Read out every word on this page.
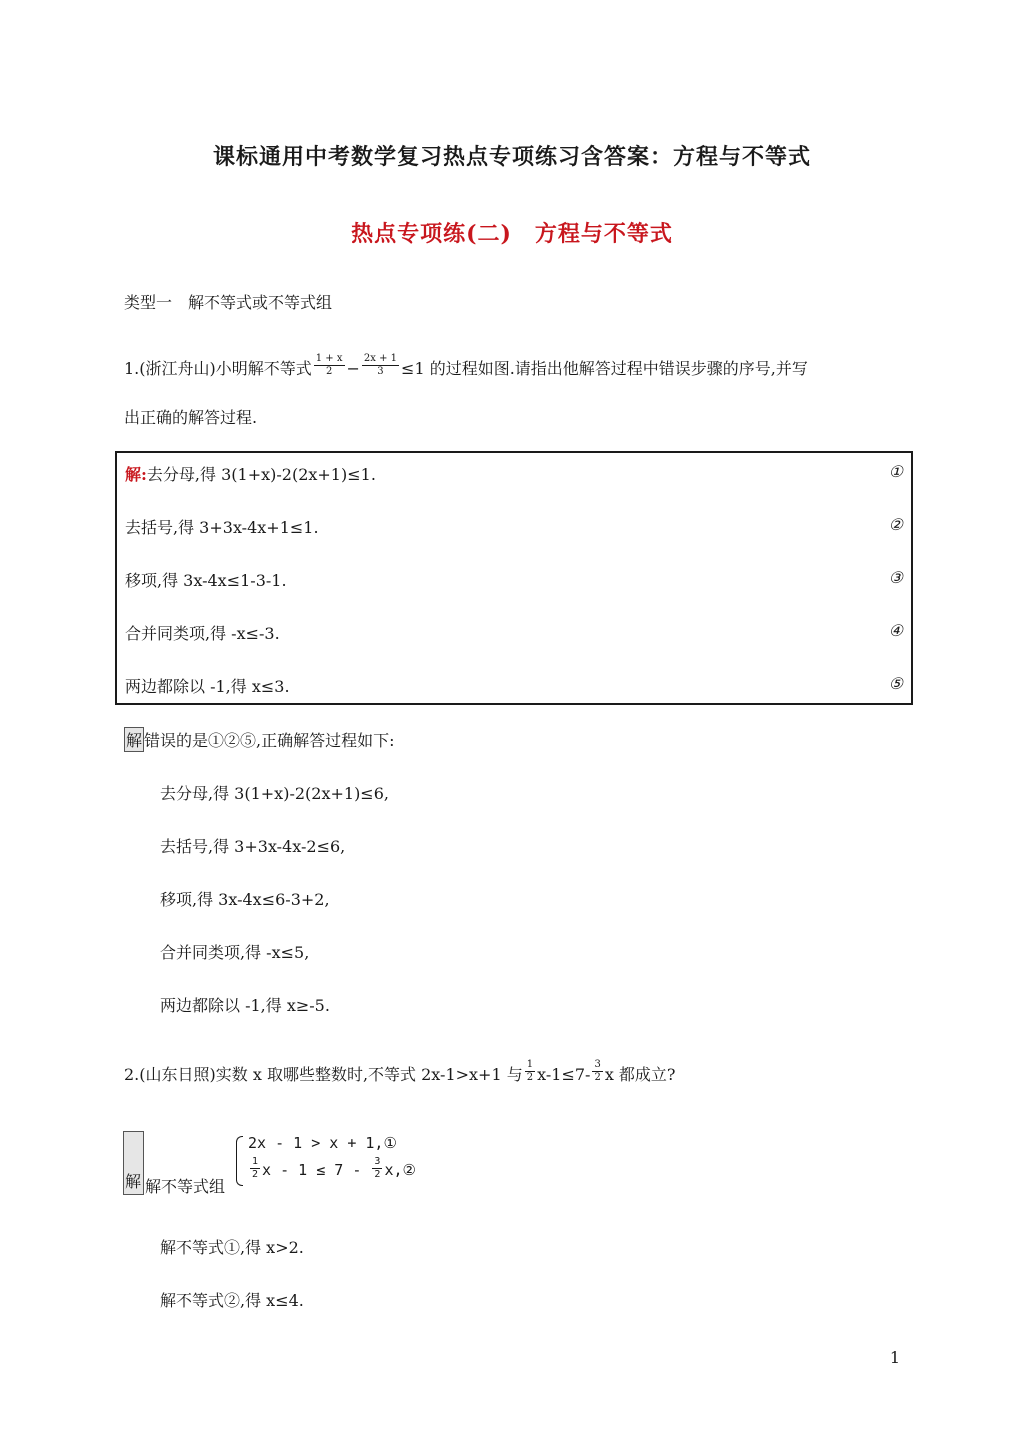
课标通用中考数学复习热点专项练习含答案：方程与不等式
热点专项练(二)　方程与不等式
类型一　解不等式或不等式组
1.(浙江舟山)小明解不等式 $\frac{1 + x}{2} - \frac{2x + 1}{3} \le 1$ 的过程如图.请指出他解答过程中错误步骤的序号,并写
出正确的解答过程.
解:去分母,得 3(1+x)-2(2x+1)≤1.	①
去括号,得 3+3x-4x+1≤1.	②
移项,得 3x-4x≤1-3-1.	③
合并同类项,得 -x≤-3.	④
两边都除以 -1,得 x≤3.	⑤
解 错误的是①②⑤,正确解答过程如下:
去分母,得 3(1+x)-2(2x+1)≤6,
去括号,得 3+3x-4x-2≤6,
移项,得 3x-4x≤6-3+2,
合并同类项,得 -x≤5,
两边都除以 -1,得 x≥-5.
2.(山东日照)实数 x 取哪些整数时,不等式 2x-1>x+1 与 $\frac{1}{2} x-1\le 7- \frac{3}{2}$ x 都成立?
解 解不等式组
2x - 1 > x + 1,①
$\frac{1}{2}$ $x - 1 \le 7 - \frac{3}{2}$ x,②
解不等式①,得 x>2.
解不等式②,得 x≤4.
1
